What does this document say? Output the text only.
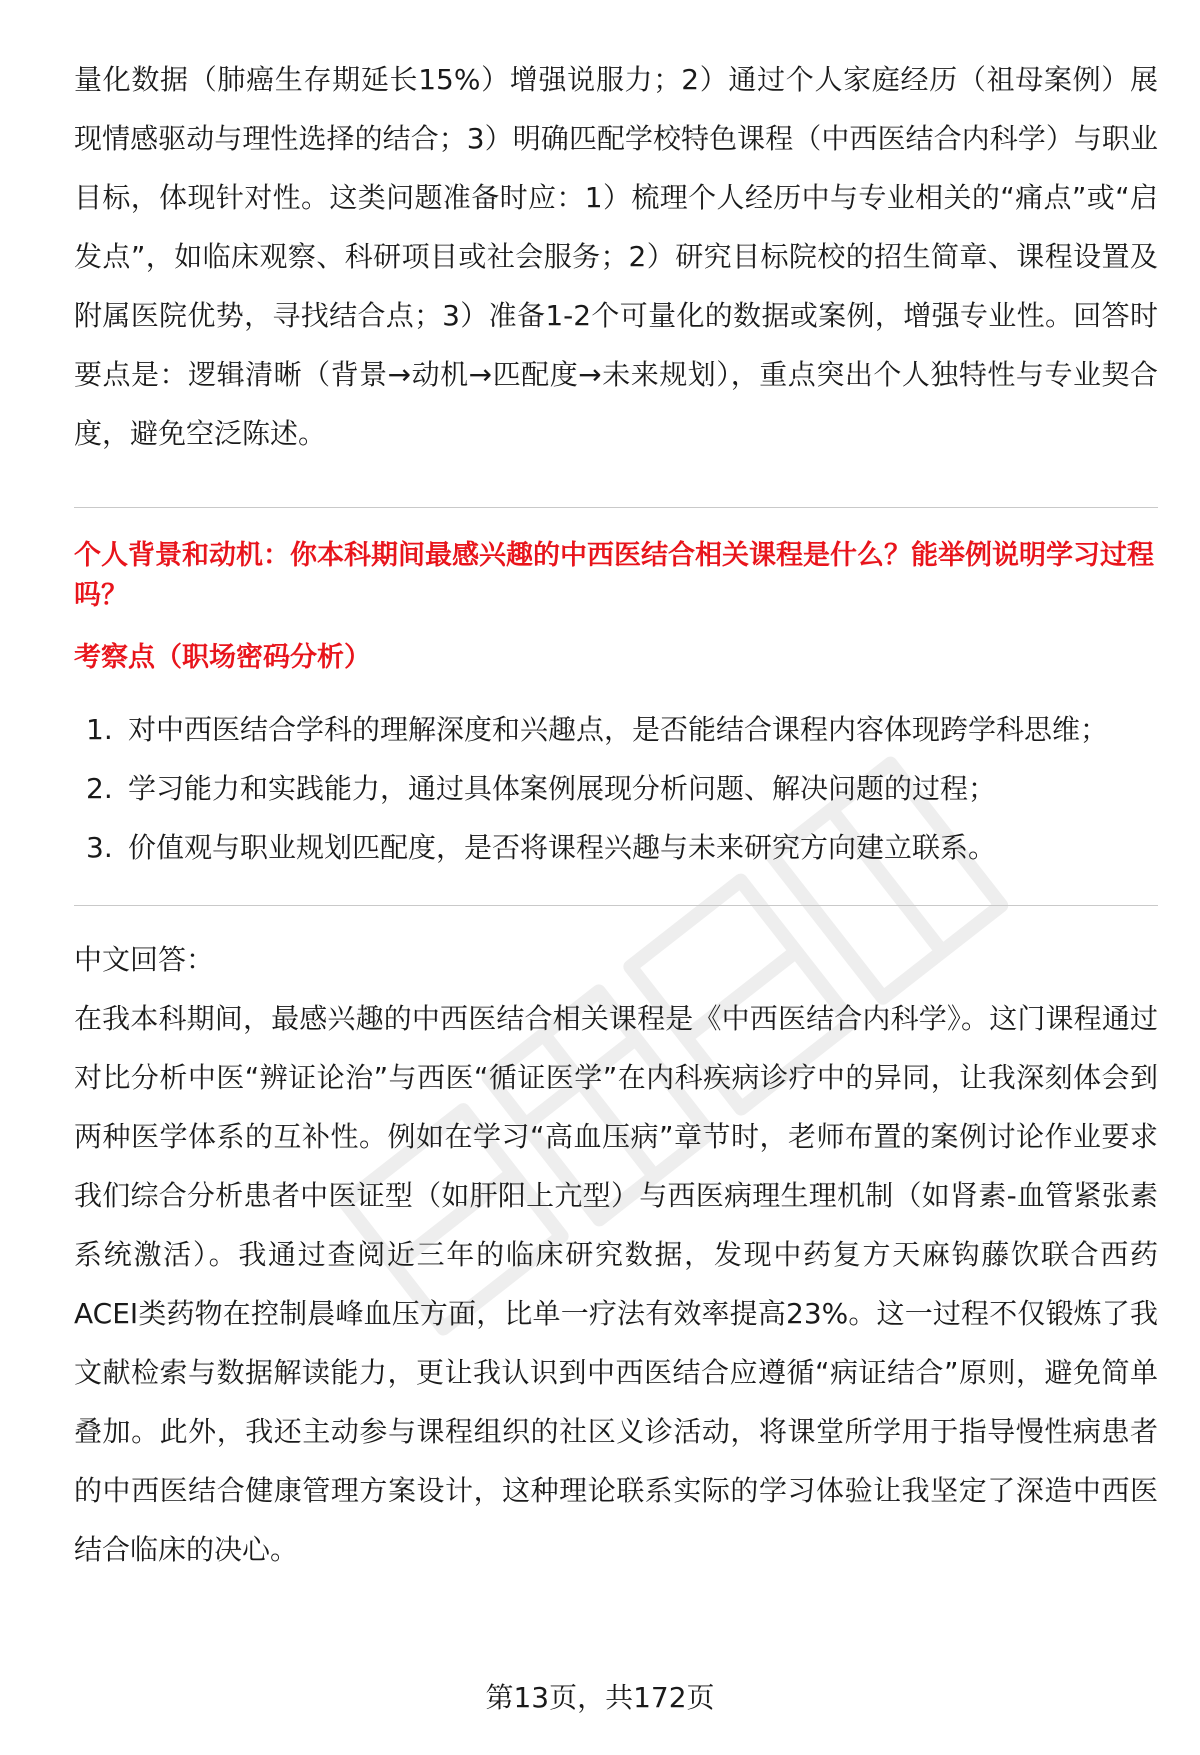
量化数据（肺癌生存期延长15%）增强说服力；2）通过个人家庭经历（祖母案例）展现情感驱动与理性选择的结合；3）明确匹配学校特色课程（中西医结合内科学）与职业目标，体现针对性。这类问题准备时应：1）梳理个人经历中与专业相关的“痛点”或“启发点”，如临床观察、科研项目或社会服务；2）研究目标院校的招生简章、课程设置及附属医院优势，寻找结合点；3）准备1-2个可量化的数据或案例，增强专业性。回答时要点是：逻辑清晰（背景→动机→匹配度→未来规划），重点突出个人独特性与专业契合度，避免空泛陈述。

个人背景和动机：你本科期间最感兴趣的中西医结合相关课程是什么？能举例说明学习过程吗？

考察点（职场密码分析）

1. 对中西医结合学科的理解深度和兴趣点，是否能结合课程内容体现跨学科思维；
2. 学习能力和实践能力，通过具体案例展现分析问题、解决问题的过程；
3. 价值观与职业规划匹配度，是否将课程兴趣与未来研究方向建立联系。

中文回答：

在我本科期间，最感兴趣的中西医结合相关课程是《中西医结合内科学》。这门课程通过对比分析中医“辨证论治”与西医“循证医学”在内科疾病诊疗中的异同，让我深刻体会到两种医学体系的互补性。例如在学习“高血压病”章节时，老师布置的案例讨论作业要求我们综合分析患者中医证型（如肝阳上亢型）与西医病理生理机制（如肾素-血管紧张素系统激活）。我通过查阅近三年的临床研究数据，发现中药复方天麻钩藤饮联合西药ACEI类药物在控制晨峰血压方面，比单一疗法有效率提高23%。这一过程不仅锻炼了我文献检索与数据解读能力，更让我认识到中西医结合应遵循“病证结合”原则，避免简单叠加。此外，我还主动参与课程组织的社区义诊活动，将课堂所学用于指导慢性病患者的中西医结合健康管理方案设计，这种理论联系实际的学习体验让我坚定了深造中西医结合临床的决心。

第13页，共172页
